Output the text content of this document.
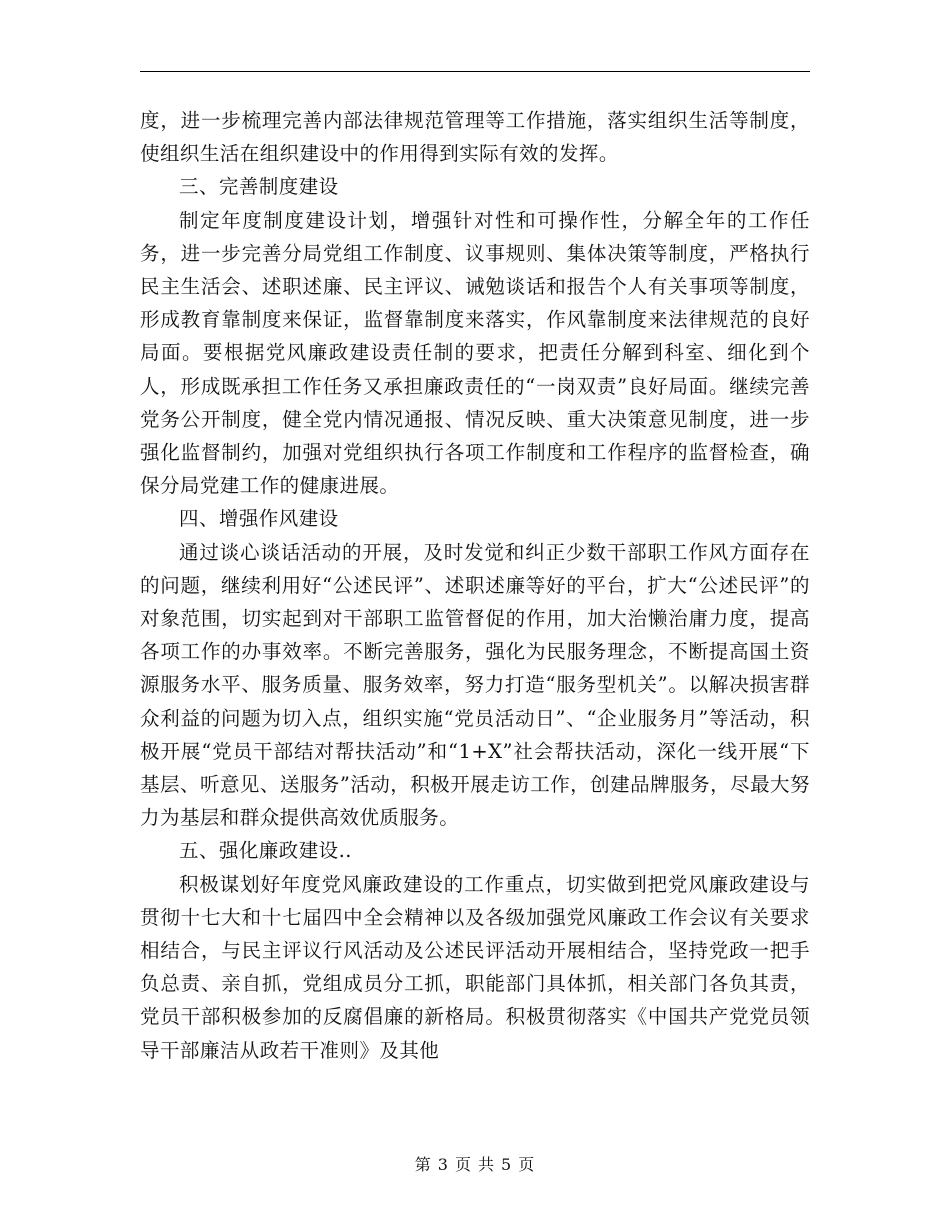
度，进一步梳理完善内部法律规范管理等工作措施，落实组织生活等制度，使组织生活在组织建设中的作用得到实际有效的发挥。

三、完善制度建设

制定年度制度建设计划，增强针对性和可操作性，分解全年的工作任务，进一步完善分局党组工作制度、议事规则、集体决策等制度，严格执行民主生活会、述职述廉、民主评议、诫勉谈话和报告个人有关事项等制度，形成教育靠制度来保证，监督靠制度来落实，作风靠制度来法律规范的良好局面。要根据党风廉政建设责任制的要求，把责任分解到科室、细化到个人，形成既承担工作任务又承担廉政责任的“一岗双责”良好局面。继续完善党务公开制度，健全党内情况通报、情况反映、重大决策意见制度，进一步强化监督制约，加强对党组织执行各项工作制度和工作程序的监督检查，确保分局党建工作的健康进展。

四、增强作风建设

通过谈心谈话活动的开展，及时发觉和纠正少数干部职工作风方面存在的问题，继续利用好“公述民评”、述职述廉等好的平台，扩大“公述民评”的对象范围，切实起到对干部职工监管督促的作用，加大治懒治庸力度，提高各项工作的办事效率。不断完善服务，强化为民服务理念，不断提高国土资源服务水平、服务质量、服务效率，努力打造“服务型机关”。以解决损害群众利益的问题为切入点，组织实施“党员活动日”、“企业服务月”等活动，积极开展“党员干部结对帮扶活动”和“1+X”社会帮扶活动，深化一线开展“下基层、听意见、送服务”活动，积极开展走访工作，创建品牌服务，尽最大努力为基层和群众提供高效优质服务。

五、强化廉政建设..

积极谋划好年度党风廉政建设的工作重点，切实做到把党风廉政建设与贯彻十七大和十七届四中全会精神以及各级加强党风廉政工作会议有关要求相结合，与民主评议行风活动及公述民评活动开展相结合，坚持党政一把手负总责、亲自抓，党组成员分工抓，职能部门具体抓，相关部门各负其责，党员干部积极参加的反腐倡廉的新格局。积极贯彻落实《中国共产党党员领导干部廉洁从政若干准则》及其他

第 3 页 共 5 页
